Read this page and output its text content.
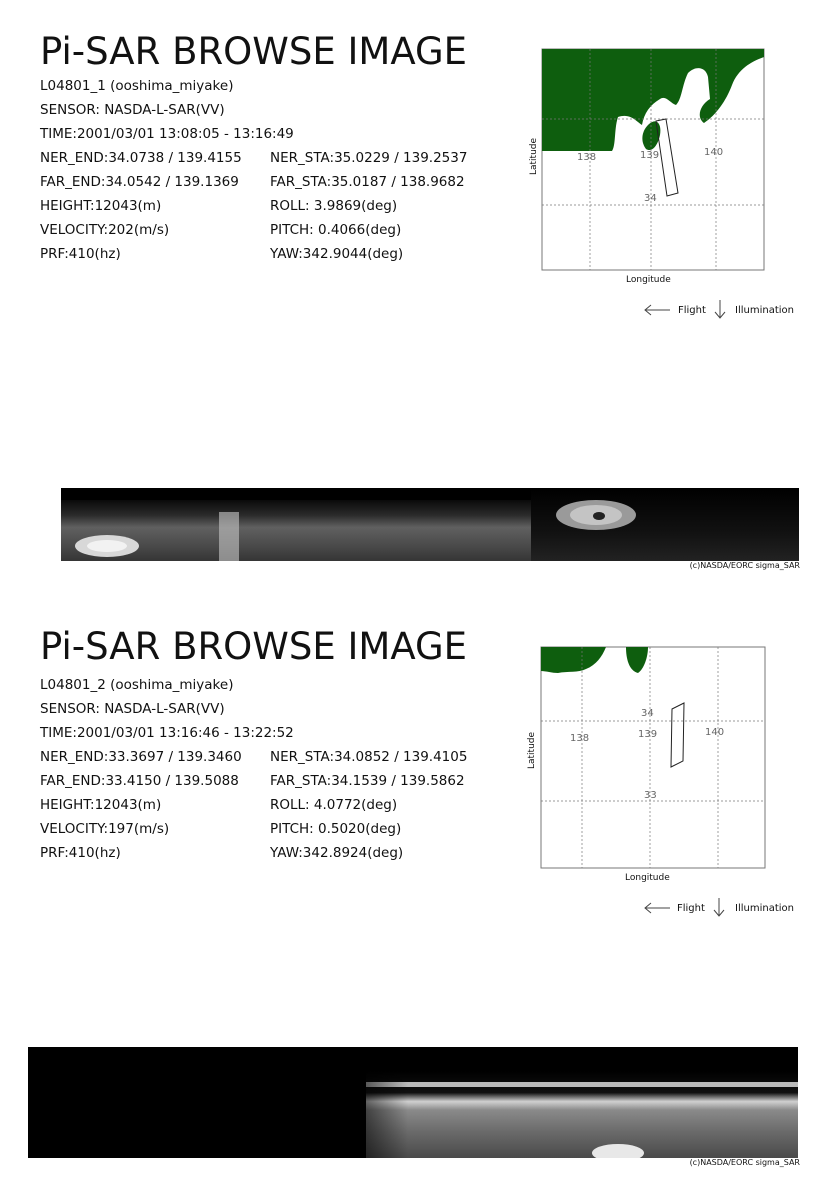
Pi-SAR BROWSE IMAGE
L04801_1 (ooshima_miyake)
SENSOR: NASDA-L-SAR(VV)
TIME:2001/03/01 13:08:05 - 13:16:49
NER_END:34.0738 / 139.4155 NER_STA:35.0229 / 139.2537
FAR_END:34.0542 / 139.1369 FAR_STA:35.0187 / 138.9682
HEIGHT:12043(m)	ROLL: 3.9869(deg)
VELOCITY:202(m/s)	PITCH: 0.4066(deg)
PRF:410(hz)	YAW:342.9044(deg)
138	139	140
34
Longitude
Latitude
Flight	Illumination
(c)NASDA/EORC sigma_SAR
Pi-SAR BROWSE IMAGE
L04801_2 (ooshima_miyake)
SENSOR: NASDA-L-SAR(VV)
TIME:2001/03/01 13:16:46 - 13:22:52
NER_END:33.3697 / 139.3460 NER_STA:34.0852 / 139.4105
FAR_END:33.4150 / 139.5088 FAR_STA:34.1539 / 139.5862
HEIGHT:12043(m)	ROLL: 4.0772(deg)
VELOCITY:197(m/s)	PITCH: 0.5020(deg)
PRF:410(hz)	YAW:342.8924(deg)
138	139	140
34
33
Longitude
Latitude
Flight	Illumination
(c)NASDA/EORC sigma_SAR
